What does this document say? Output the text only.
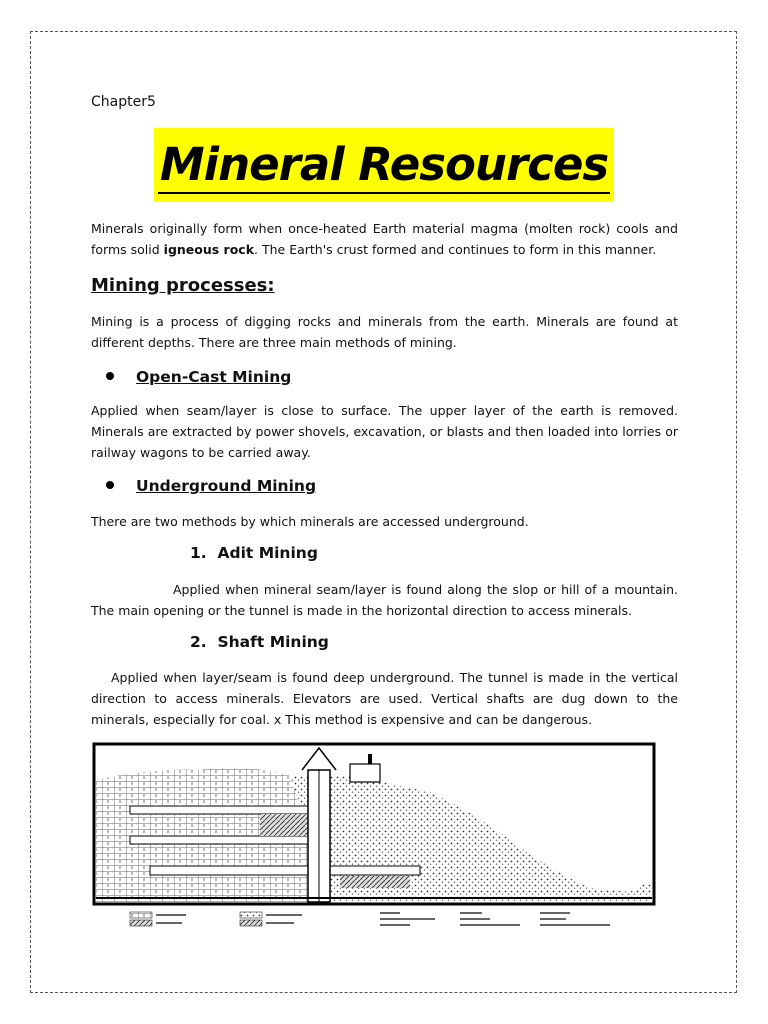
Chapter5
Mineral Resources

Minerals originally form when once-heated Earth material magma (molten rock) cools and forms solid igneous rock. The Earth's crust formed and continues to form in this manner.

Mining processes:

Mining is a process of digging rocks and minerals from the earth. Minerals are found at different depths. There are three main methods of mining.

Open-Cast Mining

Applied when seam/layer is close to surface. The upper layer of the earth is removed. Minerals are extracted by power shovels, excavation, or blasts and then loaded into lorries or railway wagons to be carried away.

Underground Mining

There are two methods by which minerals are accessed underground.

1. Adit Mining

Applied when mineral seam/layer is found along the slop or hill of a mountain. The main opening or the tunnel is made in the horizontal direction to access minerals.

2. Shaft Mining

Applied when layer/seam is found deep underground. The tunnel is made in the vertical direction to access minerals. Elevators are used. Vertical shafts are dug down to the minerals, especially for coal. x This method is expensive and can be dangerous.
